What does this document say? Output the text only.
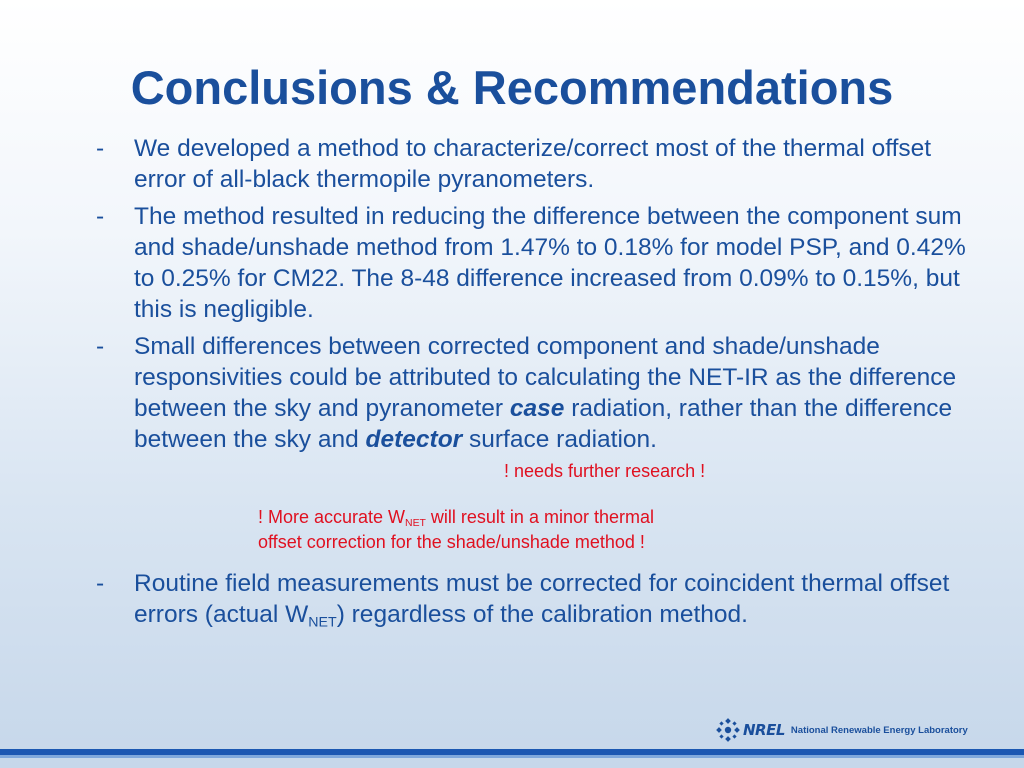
Conclusions & Recommendations
-	We developed a method to characterize/correct most of the thermal offset error of all-black thermopile pyranometers.
-	The method resulted in reducing the difference between the component sum and shade/unshade method from 1.47% to 0.18% for model PSP, and 0.42% to 0.25% for CM22. The 8-48 difference increased from 0.09% to 0.15%, but this is negligible.
-	Small differences between corrected component and shade/unshade responsivities could be attributed to calculating the NET-IR as the difference between the sky and pyranometer case radiation, rather than the difference between the sky and detector surface radiation.
! needs further research !
! More accurate $W_{NET}$ will result in a minor thermal
offset correction for the shade/unshade method !
-	Routine field measurements must be corrected for coincident thermal offset errors (actual $W_{NET}$) regardless of the calibration method.
NREL National Renewable Energy Laboratory
